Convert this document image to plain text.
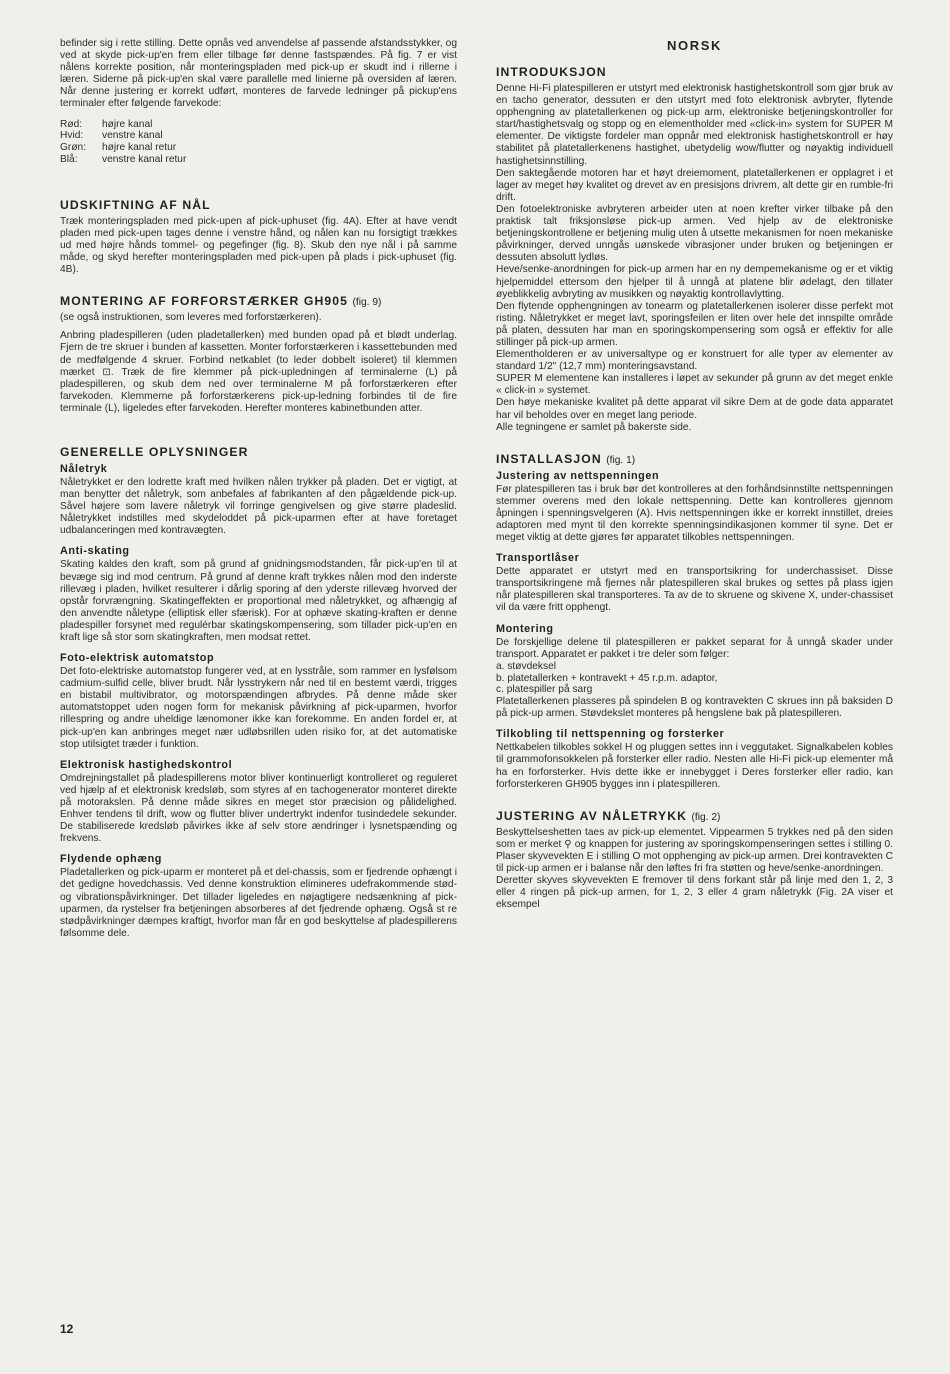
befinder sig i rette stilling. Dette opnås ved anvendelse af passende afstandsstykker, og ved at skyde pick-up'en frem eller tilbage før denne fastspændes. På fig. 7 er vist nålens korrekte position, når monteringspladen med pick-up er skudt ind i rillerne i læren. Siderne på pick-up'en skal være parallelle med linierne på oversiden af læren. Når denne justering er korrekt udført, monteres de farvede ledninger på pickup'ens terminaler efter følgende farvekode:

Rød: højre kanal
Hvid: venstre kanal
Grøn: højre kanal retur
Blå: venstre kanal retur
UDSKIFTNING AF NÅL

Træk monteringspladen med pick-upen af pick-uphuset (fig. 4A). Efter at have vendt pladen med pick-upen tages denne i venstre hånd, og nålen kan nu forsigtigt trækkes ud med højre hånds tommel- og pegefinger (fig. 8). Skub den nye nål i på samme måde, og skyd herefter monteringspladen med pick-upen på plads i pick-uphuset (fig. 4B).

MONTERING AF FORFORSTÆRKER GH905 (fig. 9)

(se også instruktionen, som leveres med forforstærkeren).

Anbring pladespilleren (uden pladetallerken) med bunden opad på et blødt underlag. Fjern de tre skruer i bunden af kassetten. Monter forforstærkeren i kassettebunden med de medfølgende 4 skruer. Forbind netkablet (to leder dobbelt isoleret) til klemmen mærket ⊡. Træk de fire klemmer på pick-upledningen af terminalerne (L) på pladespilleren, og skub dem ned over terminalerne M på forforstærkeren efter farvekoden. Klemmerne på forforstærkerens pick-up-ledning forbindes til de fire terminale (L), ligeledes efter farvekoden. Herefter monteres kabinetbunden atter.

GENERELLE OPLYSNINGER
Nåletryk

Nåletrykket er den lodrette kraft med hvilken nålen trykker på pladen. Det er vigtigt, at man benytter det nåletryk, som anbefales af fabrikanten af den pågældende pick-up. Såvel højere som lavere nåletryk vil forringe gengivelsen og give større pladeslid. Nåletrykket indstilles med skydeloddet på pick-uparmen efter at have foretaget udbalanceringen med kontravægten.

Anti-skating

Skating kaldes den kraft, som på grund af gnidningsmodstanden, får pick-up'en til at bevæge sig ind mod centrum. På grund af denne kraft trykkes nålen mod den inderste rillevæg i pladen, hvilket resulterer i dårlig sporing af den yderste rillevæg hvorved der opstår forvrængning. Skatingeffekten er proportional med nåletrykket, og afhængig af den anvendte nåletype (elliptisk eller sfærisk). For at ophæve skating-kraften er denne pladespiller forsynet med regulérbar skatingskompensering, som tillader pick-up'en en kraft lige så stor som skatingkraften, men modsat rettet.

Foto-elektrisk automatstop

Det foto-elektriske automatstop fungerer ved, at en lysstråle, som rammer en lysfølsom cadmium-sulfid celle, bliver brudt. Når lysstrykern når ned til en bestemt værdi, trigges en bistabil multivibrator, og motorspændingen afbrydes. På denne måde sker automatstoppet uden nogen form for mekanisk påvirkning af pick-uparmen, hvorfor rillespring og andre uheldige lænomoner ikke kan forekomme. En anden fordel er, at pick-up'en kan anbringes meget nær udløbsrillen uden risiko for, at det automatiske stop utilsigtet træder i funktion.

Elektronisk hastighedskontrol

Omdrejningstallet på pladespillerens motor bliver kontinuerligt kontrolleret og reguleret ved hjælp af et elektronisk kredsløb, som styres af en tachogenerator monteret direkte på motorakslen. På denne måde sikres en meget stor præcision og pålidelighed. Enhver tendens til drift, wow og flutter bliver undertrykt indenfor tusindedele sekunder. De stabiliserede kredsløb påvirkes ikke af selv store ændringer i lysnetspænding og frekvens.

Flydende ophæng

Pladetallerken og pick-uparm er monteret på et del-chassis, som er fjedrende ophængt i det gedigne hovedchassis. Ved denne konstruktion elimineres udefrakommende stød- og vibrationspåvirkninger. Det tillader ligeledes en nøjagtigere nedsænkning af pick-uparmen, da rystelser fra betjeningen absorberes af det fjedrende ophæng. Også st re stødpåvirkninger dæmpes kraftigt, hvorfor man får en god beskyttelse af pladespillerens følsomme dele.

NORSK
INTRODUKSJON

Denne Hi-Fi platespilleren er utstyrt med elektronisk hastighetskontroll som gjør bruk av en tacho generator, dessuten er den utstyrt med foto elektronisk avbryter, flytende opphengning av platetallerkenen og pick-up arm, elektroniske betjeningskontroller for start/hastighetsvalg og stopp og en elementholder med «click-in» system for SUPER M elementer. De viktigste fordeler man oppnår med elektronisk hastighetskontroll er høy stabilitet på platetallerkenens hastighet, ubetydelig wow/flutter og nøyaktig individuell hastighetsinnstilling.

Den saktegående motoren har et høyt dreiemoment, platetallerkenen er opplagret i et lager av meget høy kvalitet og drevet av en presisjons drivrem, alt dette gir en rumble-fri drift.

Den fotoelektroniske avbryteren arbeider uten at noen krefter virker tilbake på den praktisk talt friksjonsløse pick-up armen. Ved hjelp av de elektroniske betjeningskontrollene er betjening mulig uten å utsette mekanismen for noen mekaniske påvirkninger, derved unngås uønskede vibrasjoner under bruken og betjeningen er dessuten absolutt lydløs.

Heve/senke-anordningen for pick-up armen har en ny dempemekanisme og er et viktig hjelpemiddel ettersom den hjelper til å unngå at platene blir ødelagt, den tillater øyeblikkelig avbryting av musikken og nøyaktig kontrollavlytting.

Den flytende opphengningen av tonearm og platetallerkenen isolerer disse perfekt mot risting. Nåletrykket er meget lavt, sporingsfeilen er liten over hele det innspilte område på platen, dessuten har man en sporingskompensering som også er effektiv for alle stillinger på pick-up armen.

Elementholderen er av universaltype og er konstruert for alle typer av elementer av standard 1/2" (12,7 mm) monteringsavstand.

SUPER M elementene kan installeres i løpet av sekunder på grunn av det meget enkle « click-in » systemet.

Den høye mekaniske kvalitet på dette apparat vil sikre Dem at de gode data apparatet har vil beholdes over en meget lang periode.

Alle tegningene er samlet på bakerste side.

INSTALLASJON (fig. 1)
Justering av nettspenningen

Før platespilleren tas i bruk bør det kontrolleres at den forhåndsinnstilte nettspenningen stemmer overens med den lokale nettspenning. Dette kan kontrolleres gjennom åpningen i spenningsvelgeren (A). Hvis nettspenningen ikke er korrekt innstillet, dreies adaptoren med mynt til den korrekte spenningsindikasjonen kommer til syne. Det er meget viktig at dette gjøres før apparatet tilkobles nettspenningen.

Transportlåser

Dette apparatet er utstyrt med en transportsikring for underchassiset. Disse transportsikringene må fjernes når platespilleren skal brukes og settes på plass igjen når platespilleren skal transporteres. Ta av de to skruene og skivene X, under-chassiset vil da være fritt opphengt.

Montering

De forskjellige delene til platespilleren er pakket separat for å unngå skader under transport. Apparatet er pakket i tre deler som følger:

a. støvdeksel
b. platetallerken + kontravekt + 45 r.p.m. adaptor,
c. platespiller på sarg

Platetallerkenen plasseres på spindelen B og kontravekten C skrues inn på baksiden D på pick-up armen. Støvdekslet monteres på hengslene bak på platespilleren.

Tilkobling til nettspenning og forsterker

Nettkabelen tilkobles sokkel H og pluggen settes inn i veggutaket. Signalkabelen kobles til grammofonsokkelen på forsterker eller radio. Nesten alle Hi-Fi pick-up elementer må ha en forforsterker. Hvis dette ikke er innebygget i Deres forsterker eller radio, kan forforsterkeren GH905 bygges inn i platespilleren.

JUSTERING AV NÅLETRYKK (fig. 2)

Beskyttelseshetten taes av pick-up elementet. Vippearmen 5 trykkes ned på den siden som er merket ⚲ og knappen for justering av sporingskompenseringen settes i stilling 0. Plaser skyvevekten E i stilling O mot opphenging av pick-up armen. Drei kontravekten C til pick-up armen er i balanse når den løftes fri fra støtten og heve/senke-anordningen.

Deretter skyves skyvevekten E fremover til dens forkant står på linje med den 1, 2, 3 eller 4 ringen på pick-up armen, for 1, 2, 3 eller 4 gram nåletrykk (Fig. 2A viser et eksempel

12
